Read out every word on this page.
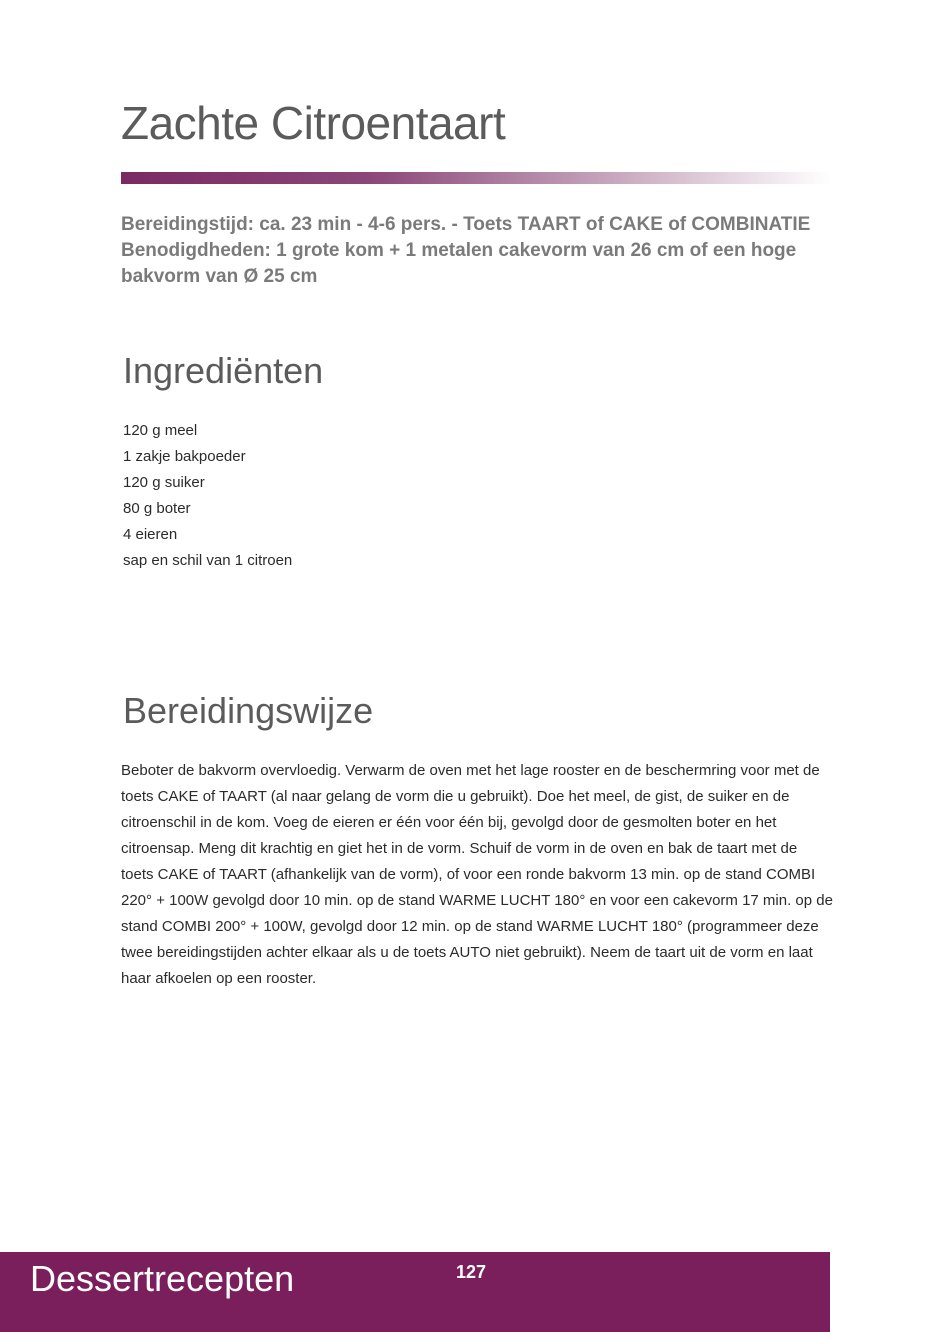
Zachte Citroentaart

Bereidingstijd: ca. 23 min - 4-6 pers. - Toets TAART of CAKE of COMBINATIE

Benodigdheden: 1 grote kom + 1 metalen cakevorm van 26 cm of een hoge bakvorm van Ø 25 cm

Ingrediënten
120 g meel
1 zakje bakpoeder
120 g suiker
80 g boter
4 eieren
sap en schil van 1 citroen
Bereidingswijze

Beboter de bakvorm overvloedig. Verwarm de oven met het lage rooster en de beschermring voor met de toets CAKE of TAART (al naar gelang de vorm die u gebruikt). Doe het meel, de gist, de suiker en de citroenschil in de kom. Voeg de eieren er één voor één bij, gevolgd door de gesmolten boter en het citroensap. Meng dit krachtig en giet het in de vorm. Schuif de vorm in de oven en bak de taart met de toets CAKE of TAART (afhankelijk van de vorm), of voor een ronde bakvorm 13 min. op de stand COMBI 220° + 100W gevolgd door 10 min. op de stand WARME LUCHT 180° en voor een cakevorm 17 min. op de stand COMBI 200° + 100W, gevolgd door 12 min. op de stand WARME LUCHT 180° (programmeer deze twee bereidingstijden achter elkaar als u de toets AUTO niet gebruikt). Neem de taart uit de vorm en laat haar afkoelen op een rooster.

Dessertrecepten	127
